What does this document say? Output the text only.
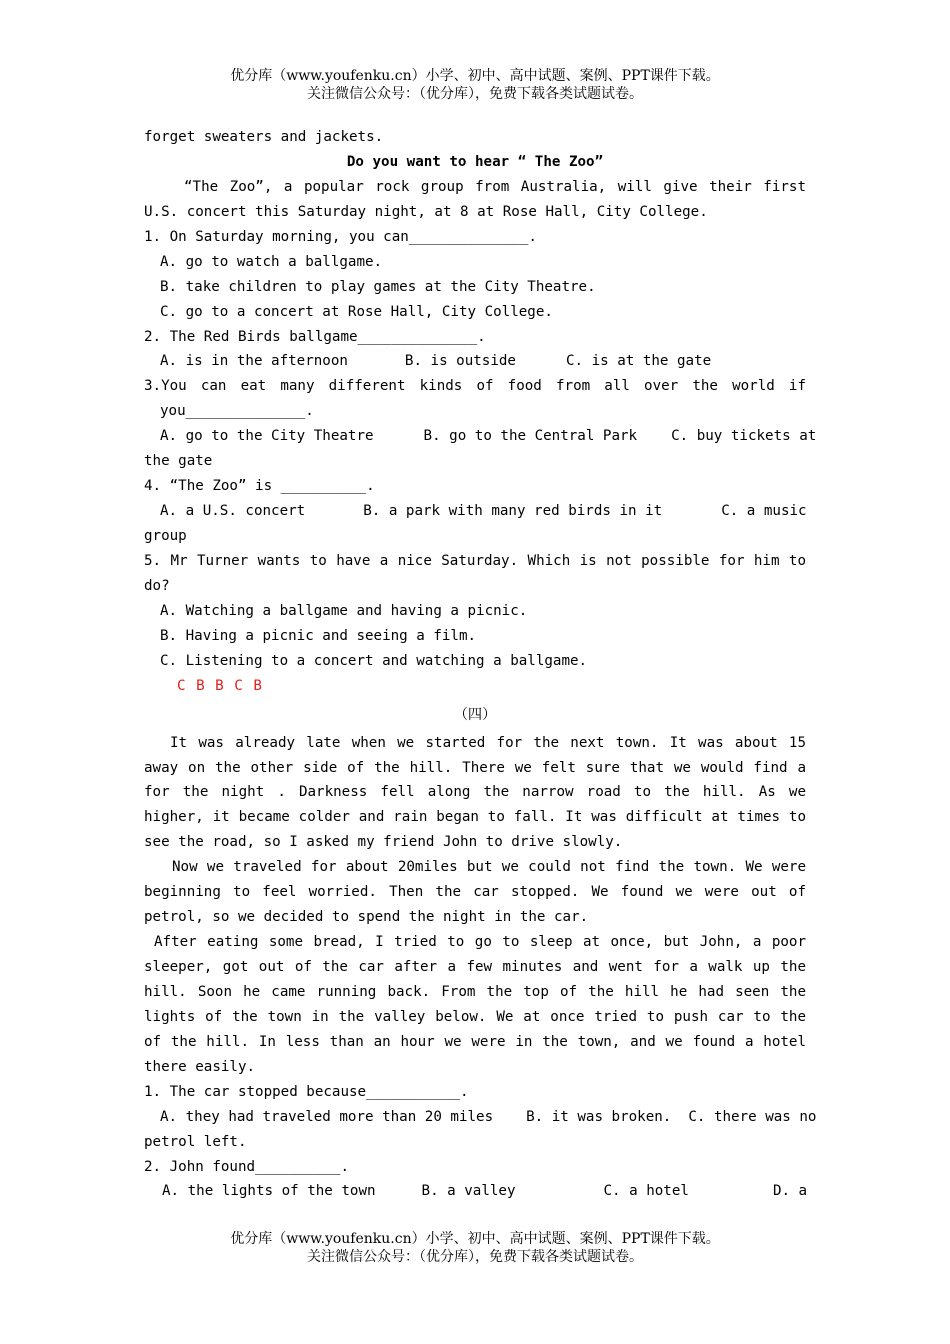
优分库（www.youfenku.cn）小学、初中、高中试题、案例、PPT课件下载。
关注微信公众号：（优分库），免费下载各类试题试卷。
forget sweaters and jackets.
Do you want to hear “ The Zoo”
“The Zoo”, a popular rock group from Australia, will give their first
U.S. concert this Saturday night, at 8 at Rose Hall, City College.
1. On Saturday morning, you can______________.
A. go to watch a ballgame.
B. take children to play games at the City Theatre.
C. go to a concert at Rose Hall, City College.
2. The Red Birds ballgame______________.
A. is in the afternoon	B. is outside	C. is at the gate
3.You can eat many different kinds of food from all over the world if
you______________.
A. go to the City Theatre	B. go to the Central Park C. buy tickets at
the gate
4. “The Zoo” is __________.
A. a U.S. concert	B. a park with many red birds in it	C. a music
group
5. Mr Turner wants to have a nice Saturday. Which is not possible for him to
do?
A. Watching a ballgame and having a picnic.
B. Having a picnic and seeing a film.
C. Listening to a concert and watching a ballgame.
C B B C B
（四）
It was already late when we started for the next town. It was about 15
away on the other side of the hill. There we felt sure that we would find a
for the night . Darkness fell along the narrow road to the hill. As we
higher, it became colder and rain began to fall. It was difficult at times to
see the road, so I asked my friend John to drive slowly.
Now we traveled for about 20miles but we could not find the town. We were
beginning to feel worried. Then the car stopped. We found we were out of
petrol, so we decided to spend the night in the car.
After eating some bread, I tried to go to sleep at once, but John, a poor
sleeper, got out of the car after a few minutes and went for a walk up the
hill. Soon he came running back. From the top of the hill he had seen the
lights of the town in the valley below. We at once tried to push car to the
of the hill. In less than an hour we were in the town, and we found a hotel
there easily.
1. The car stopped because___________.
A. they had traveled more than 20 miles B. it was broken. C. there was no
petrol left.
2. John found__________.
A. the lights of the town	B. a valley	C. a hotel	D. a
优分库（www.youfenku.cn）小学、初中、高中试题、案例、PPT课件下载。
关注微信公众号：（优分库），免费下载各类试题试卷。
